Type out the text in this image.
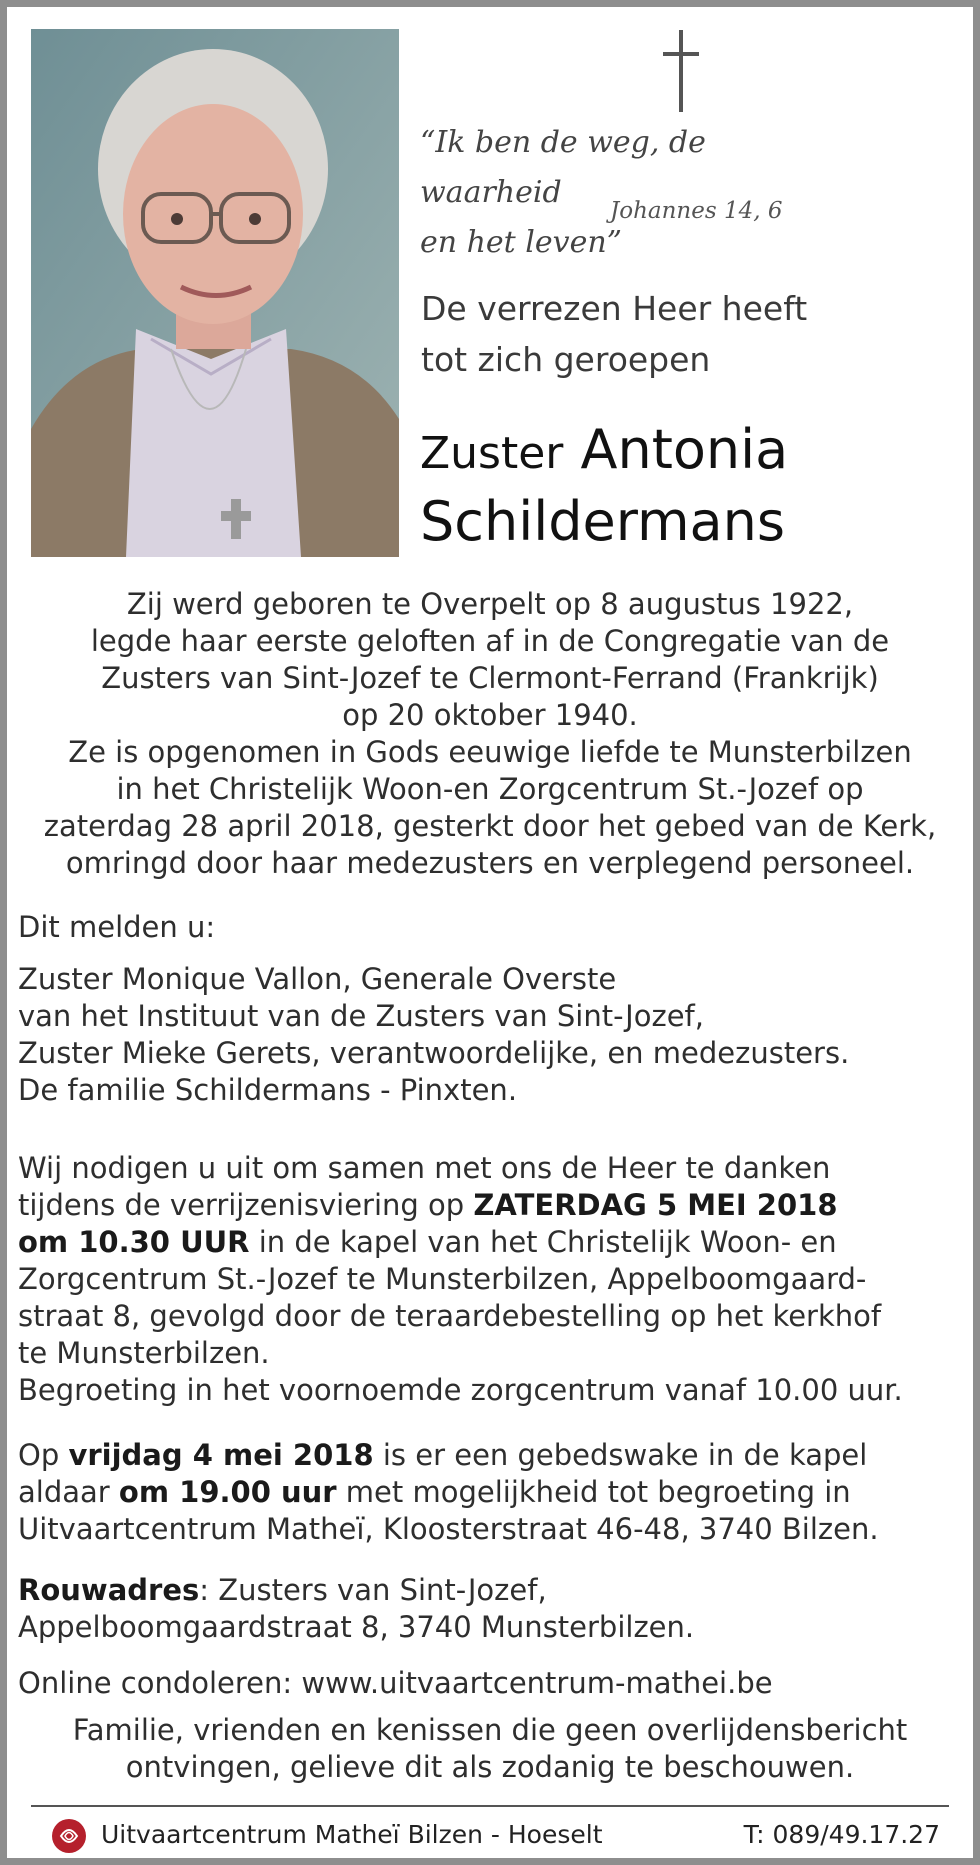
“Ik ben de weg, de waarheid
en het leven”
Johannes 14, 6
De verrezen Heer heeft
tot zich geroepen
Zuster Antonia
Schildermans
Zij werd geboren te Overpelt op 8 augustus 1922,
legde haar eerste geloften af in de Congregatie van de
Zusters van Sint-Jozef te Clermont-Ferrand (Frankrijk)
op 20 oktober 1940.
Ze is opgenomen in Gods eeuwige liefde te Munsterbilzen
in het Christelijk Woon-en Zorgcentrum St.-Jozef op
zaterdag 28 april 2018, gesterkt door het gebed van de Kerk,
omringd door haar medezusters en verplegend personeel.
Dit melden u:
Zuster Monique Vallon, Generale Overste
van het Instituut van de Zusters van Sint-Jozef,
Zuster Mieke Gerets, verantwoordelijke, en medezusters.
De familie Schildermans - Pinxten.
Wij nodigen u uit om samen met ons de Heer te danken
tijdens de verrijzenisviering op ZATERDAG 5 MEI 2018
om 10.30 UUR in de kapel van het Christelijk Woon- en
Zorgcentrum St.-Jozef te Munsterbilzen, Appelboomgaard-
straat 8, gevolgd door de teraardebestelling op het kerkhof
te Munsterbilzen.
Begroeting in het voornoemde zorgcentrum vanaf 10.00 uur.
Op vrijdag 4 mei 2018 is er een gebedswake in de kapel
aldaar om 19.00 uur met mogelijkheid tot begroeting in
Uitvaartcentrum Matheï, Kloosterstraat 46-48, 3740 Bilzen.
Rouwadres: Zusters van Sint-Jozef,
Appelboomgaardstraat 8, 3740 Munsterbilzen.
Online condoleren: www.uitvaartcentrum-mathei.be
Familie, vrienden en kenissen die geen overlijdensbericht
ontvingen, gelieve dit als zodanig te beschouwen.
Uitvaartcentrum Matheï Bilzen - Hoeselt	T: 089/49.17.27
